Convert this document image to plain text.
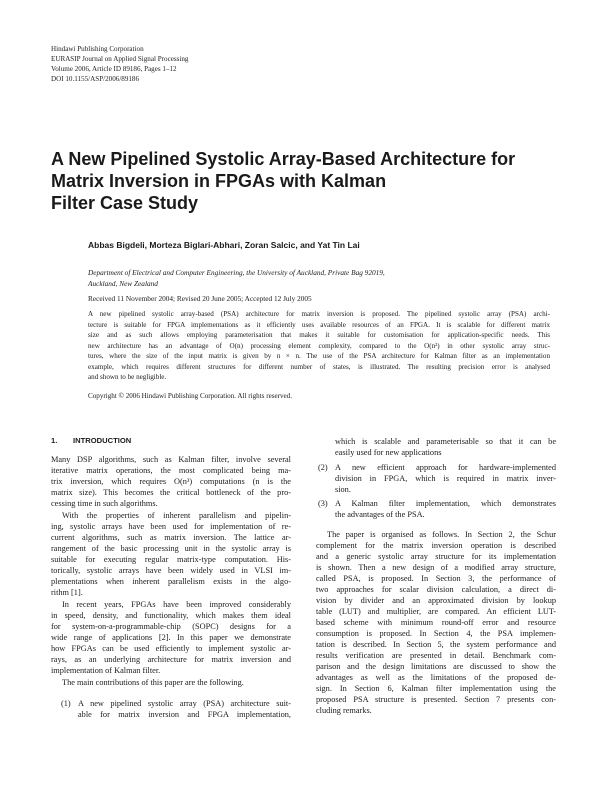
Hindawi Publishing Corporation
EURASIP Journal on Applied Signal Processing
Volume 2006, Article ID 89186, Pages 1–12
DOI 10.1155/ASP/2006/89186
A New Pipelined Systolic Array-Based Architecture for
Matrix Inversion in FPGAs with Kalman
Filter Case Study
Abbas Bigdeli, Morteza Biglari-Abhari, Zoran Salcic, and Yat Tin Lai
Department of Electrical and Computer Engineering, the University of Auckland, Private Bag 92019,
Auckland, New Zealand
Received 11 November 2004; Revised 20 June 2005; Accepted 12 July 2005
A new pipelined systolic array-based (PSA) architecture for matrix inversion is proposed. The pipelined systolic array (PSA) archi-
tecture is suitable for FPGA implementations as it efficiently uses available resources of an FPGA. It is scalable for different matrix
size and as such allows employing parameterisation that makes it suitable for customisation for application-specific needs. This
new architecture has an advantage of O(n) processing element complexity, compared to the O(n²) in other systolic array struc-
tures, where the size of the input matrix is given by n × n. The use of the PSA architecture for Kalman filter as an implementation
example, which requires different structures for different number of states, is illustrated. The resulting precision error is analysed
and shown to be negligible.
Copyright © 2006 Hindawi Publishing Corporation. All rights reserved.
1. INTRODUCTION
Many DSP algorithms, such as Kalman filter, involve several
iterative matrix operations, the most complicated being ma-
trix inversion, which requires O(n³) computations (n is the
matrix size). This becomes the critical bottleneck of the pro-
cessing time in such algorithms.
With the properties of inherent parallelism and pipelin-
ing, systolic arrays have been used for implementation of re-
current algorithms, such as matrix inversion. The lattice ar-
rangement of the basic processing unit in the systolic array is
suitable for executing regular matrix-type computation. His-
torically, systolic arrays have been widely used in VLSI im-
plementations when inherent parallelism exists in the algo-
rithm [1].
In recent years, FPGAs have been improved considerably
in speed, density, and functionality, which makes them ideal
for system-on-a-programmable-chip (SOPC) designs for a
wide range of applications [2]. In this paper we demonstrate
how FPGAs can be used efficiently to implement systolic ar-
rays, as an underlying architecture for matrix inversion and
implementation of Kalman filter.
The main contributions of this paper are the following.
(1) A new pipelined systolic array (PSA) architecture suit-
able for matrix inversion and FPGA implementation,
which is scalable and parameterisable so that it can be
easily used for new applications
(2) A new efficient approach for hardware-implemented
division in FPGA, which is required in matrix inver-
sion.
(3) A Kalman filter implementation, which demonstrates
the advantages of the PSA.
The paper is organised as follows. In Section 2, the Schur
complement for the matrix inversion operation is described
and a generic systolic array structure for its implementation
is shown. Then a new design of a modified array structure,
called PSA, is proposed. In Section 3, the performance of
two approaches for scalar division calculation, a direct di-
vision by divider and an approximated division by lookup
table (LUT) and multiplier, are compared. An efficient LUT-
based scheme with minimum round-off error and resource
consumption is proposed. In Section 4, the PSA implemen-
tation is described. In Section 5, the system performance and
results verification are presented in detail. Benchmark com-
parison and the design limitations are discussed to show the
advantages as well as the limitations of the proposed de-
sign. In Section 6, Kalman filter implementation using the
proposed PSA structure is presented. Section 7 presents con-
cluding remarks.
